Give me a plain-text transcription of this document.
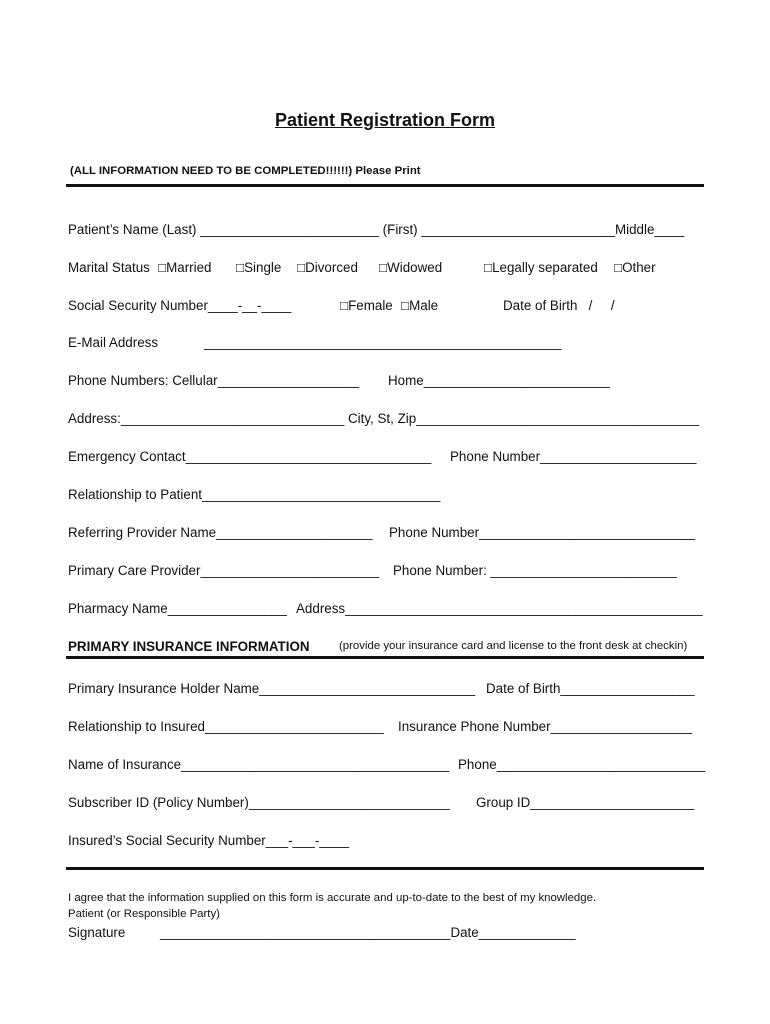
Patient Registration Form
(ALL INFORMATION NEED TO BE COMPLETED!!!!!!) Please Print
Patient’s Name (Last) ________________________ (First) __________________________Middle____
Marital Status □Married □Single □Divorced □Widowed	□Legally separated □Other
Social Security Number____-__-____	□Female □Male	Date of Birth   /     /
E-Mail Address	________________________________________________
Phone Numbers: Cellular___________________ Home_________________________
Address:______________________________ City, St, Zip______________________________________
Emergency Contact_________________________________ Phone Number_____________________
Relationship to Patient________________________________
Referring Provider Name_____________________ Phone Number_____________________________
Primary Care Provider________________________ Phone Number: _________________________
Pharmacy Name________________ Address________________________________________________
PRIMARY INSURANCE INFORMATION	(provide your insurance card and license to the front desk at checkin)
Primary Insurance Holder Name_____________________________ Date of Birth__________________
Relationship to Insured________________________ Insurance Phone Number___________________
Name of Insurance____________________________________ Phone____________________________
Subscriber ID (Policy Number)___________________________ Group ID______________________
Insured’s Social Security Number___-___-____
I agree that the information supplied on this form is accurate and up-to-date to the best of my knowledge.
Patient (or Responsible Party)
Signature	_______________________________________Date_____________
